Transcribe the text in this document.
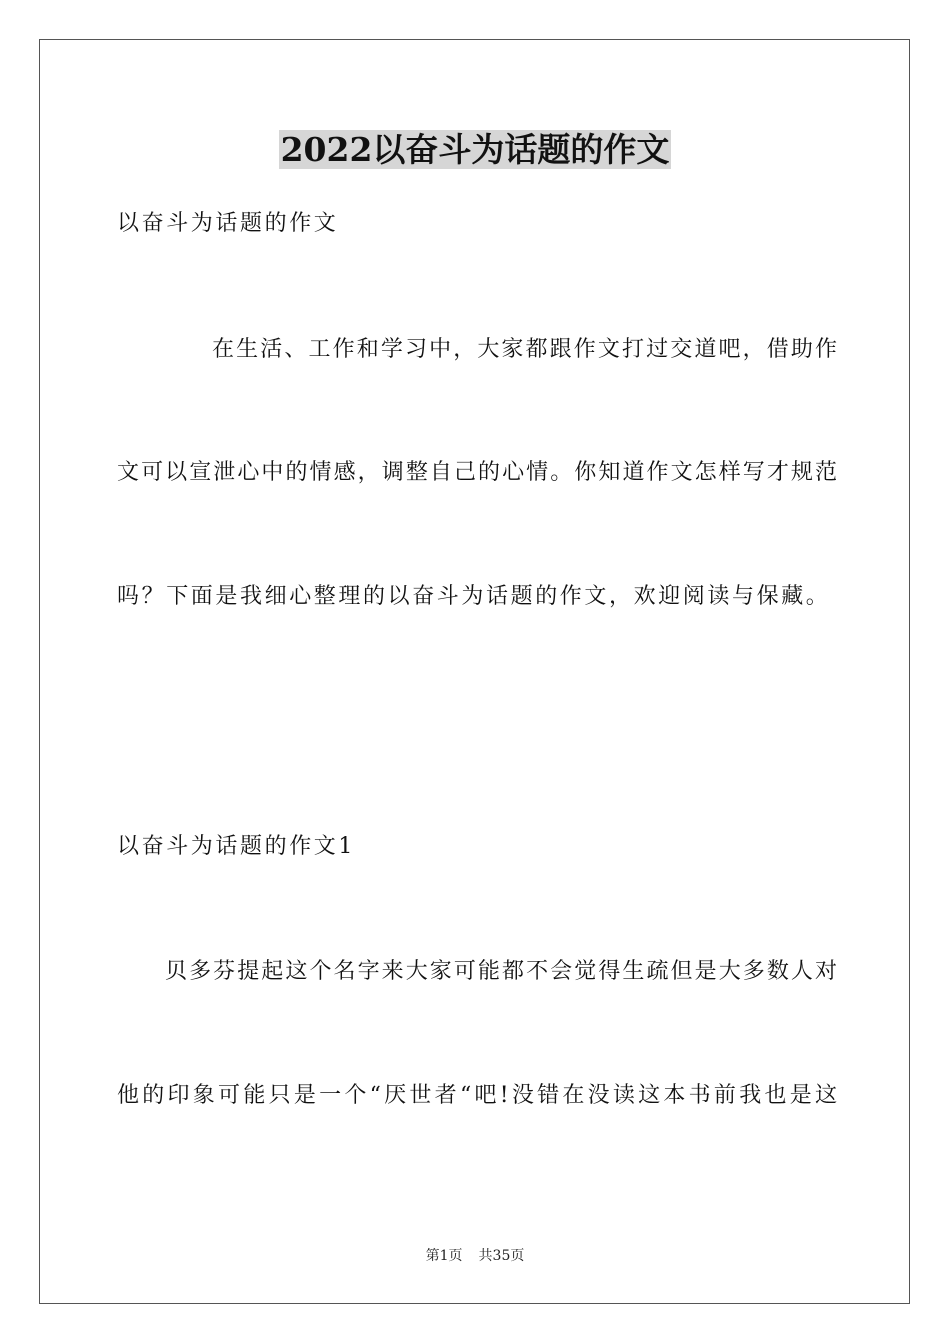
2022以奋斗为话题的作文
以奋斗为话题的作文
在生活、工作和学习中，大家都跟作文打过交道吧，借助作
文可以宣泄心中的情感，调整自己的心情。你知道作文怎样写才规范
吗？下面是我细心整理的以奋斗为话题的作文，欢迎阅读与保藏。
以奋斗为话题的作文1
贝多芬提起这个名字来大家可能都不会觉得生疏但是大多数人对
他的印象可能只是一个“厌世者“吧!没错在没读这本书前我也是这
第1页 共35页
